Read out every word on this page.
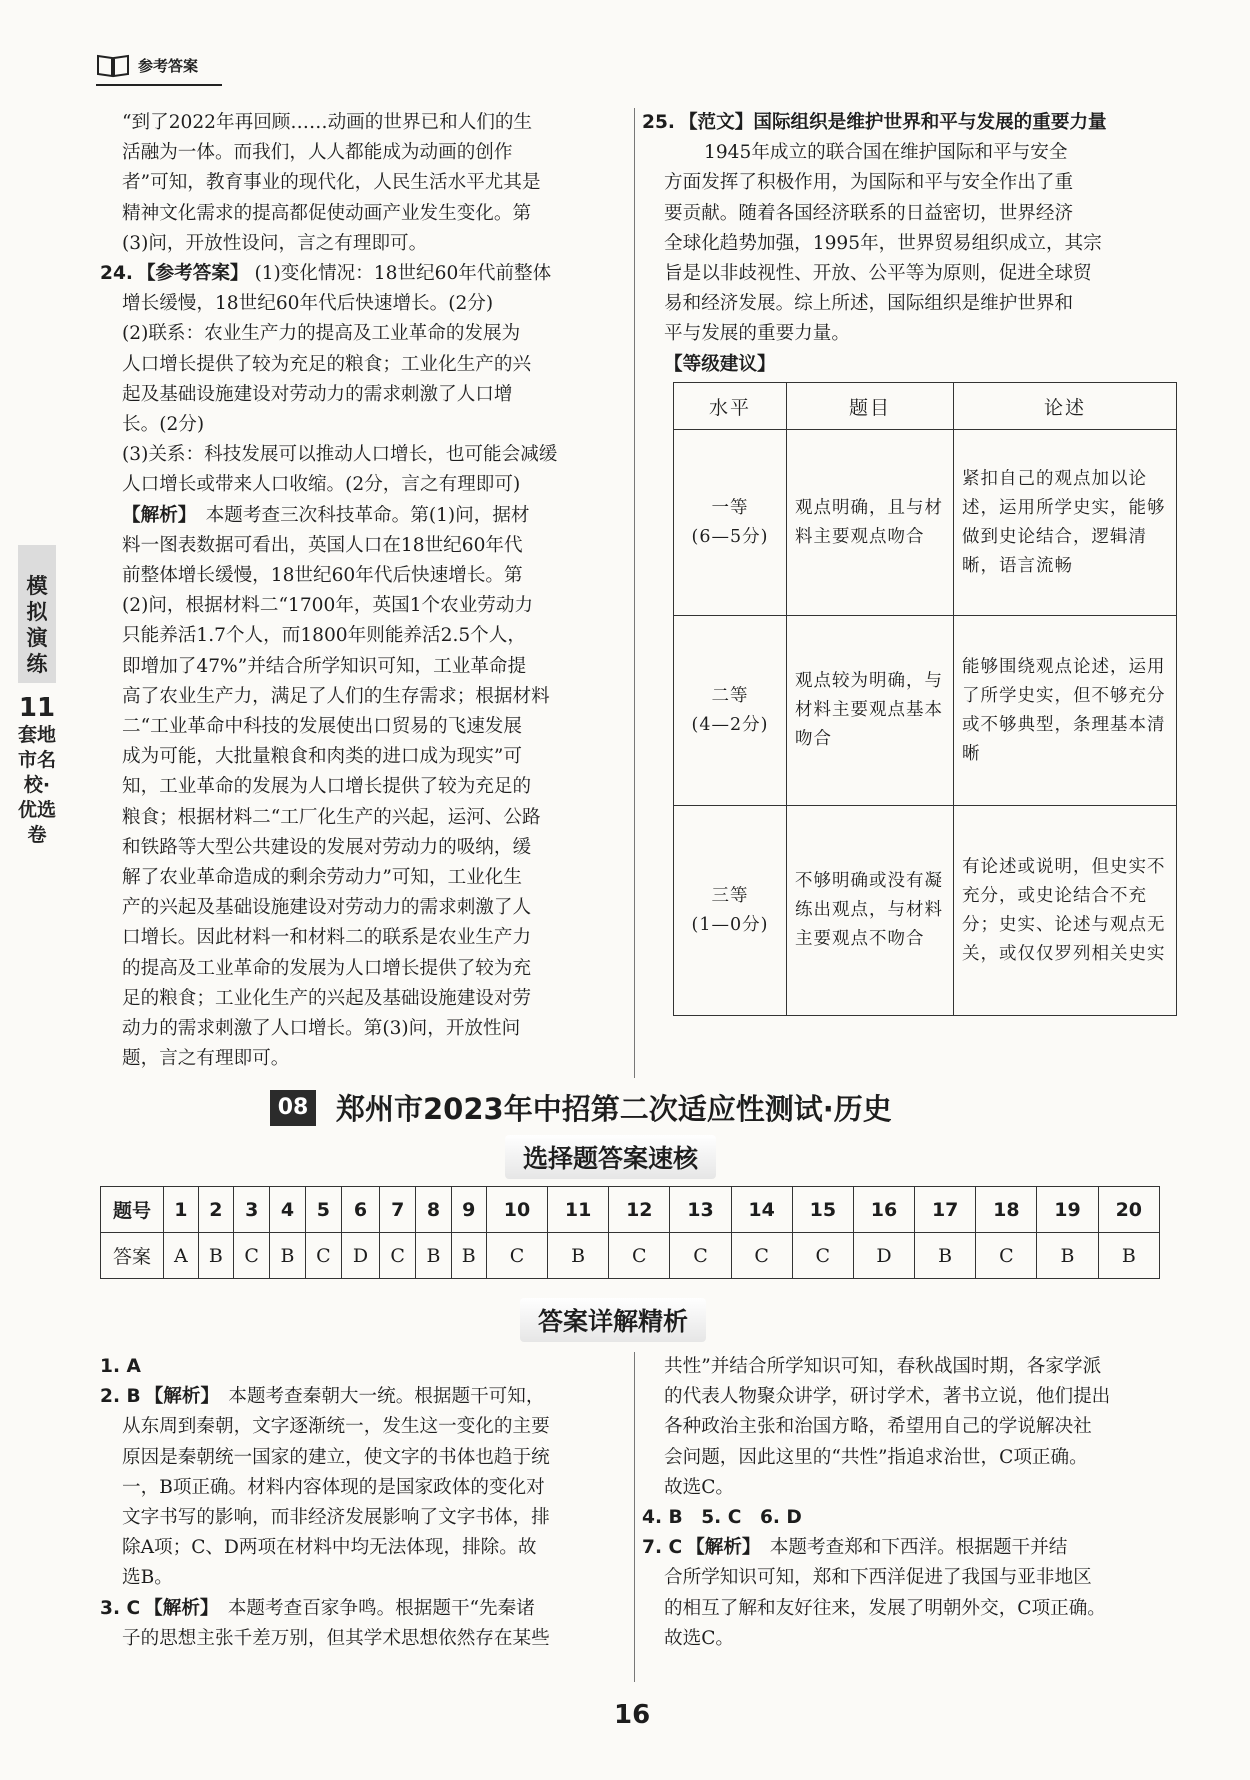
参考答案
模拟演练
11
套地市名校·优选卷

“到了2022年再回顾……动画的世界已和人们的生

活融为一体。而我们，人人都能成为动画的创作

者”可知，教育事业的现代化，人民生活水平尤其是

精神文化需求的提高都促使动画产业发生变化。第

(3)问，开放性设问，言之有理即可。

24. 【参考答案】 (1)变化情况：18世纪60年代前整体

增长缓慢，18世纪60年代后快速增长。(2分)

(2)联系：农业生产力的提高及工业革命的发展为

人口增长提供了较为充足的粮食；工业化生产的兴

起及基础设施建设对劳动力的需求刺激了人口增

长。(2分)

(3)关系：科技发展可以推动人口增长，也可能会减缓

人口增长或带来人口收缩。(2分，言之有理即可)

【解析】　 本题考查三次科技革命。第(1)问，据材

料一图表数据可看出，英国人口在18世纪60年代

前整体增长缓慢，18世纪60年代后快速增长。第

(2)问，根据材料二“1700年，英国1个农业劳动力

只能养活1.7个人，而1800年则能养活2.5个人，

即增加了47%”并结合所学知识可知，工业革命提

高了农业生产力，满足了人们的生存需求；根据材料

二“工业革命中科技的发展使出口贸易的飞速发展

成为可能，大批量粮食和肉类的进口成为现实”可

知，工业革命的发展为人口增长提供了较为充足的

粮食；根据材料二“工厂化生产的兴起，运河、公路

和铁路等大型公共建设的发展对劳动力的吸纳，缓

解了农业革命造成的剩余劳动力”可知，工业化生

产的兴起及基础设施建设对劳动力的需求刺激了人

口增长。因此材料一和材料二的联系是农业生产力

的提高及工业革命的发展为人口增长提供了较为充

足的粮食；工业化生产的兴起及基础设施建设对劳

动力的需求刺激了人口增长。第(3)问，开放性问

题，言之有理即可。

25. 【范文】国际组织是维护世界和平与发展的重要力量

1945年成立的联合国在维护国际和平与安全

方面发挥了积极作用，为国际和平与安全作出了重

要贡献。随着各国经济联系的日益密切，世界经济

全球化趋势加强，1995年，世界贸易组织成立，其宗

旨是以非歧视性、开放、公平等为原则，促进全球贸

易和经济发展。综上所述，国际组织是维护世界和

平与发展的重要力量。

【等级建议】

水平	题目	论述

一等
(6—5分)	观点明确，且与材料主要观点吻合	紧扣自己的观点加以论述，运用所学史实，能够做到史论结合，逻辑清晰，语言流畅

二等
(4—2分)	观点较为明确，与材料主要观点基本吻合	能够围绕观点论述，运用了所学史实，但不够充分或不够典型，条理基本清晰

三等
(1—0分)	不够明确或没有凝练出观点，与材料主要观点不吻合	有论述或说明，但史实不充分，或史论结合不充分；史实、论述与观点无关，或仅仅罗列相关史实
08 郑州市2023年中招第二次适应性测试·历史
选择题答案速核
题号	1	2	3	4	5	6	7	8	9	10	11	12	13	14	15	16	17	18	19	20
答案	A	B	C	B	C	D	C	B	B	C	B	C	C	C	C	D	B	C	B	B
答案详解精析

1. A

2. B 【解析】　 本题考查秦朝大一统。根据题干可知，

从东周到秦朝，文字逐渐统一，发生这一变化的主要

原因是秦朝统一国家的建立，使文字的书体也趋于统

一，B项正确。材料内容体现的是国家政体的变化对

文字书写的影响，而非经济发展影响了文字书体，排

除A项；C、D两项在材料中均无法体现，排除。故

选B。

3. C 【解析】　 本题考查百家争鸣。根据题干“先秦诸

子的思想主张千差万别，但其学术思想依然存在某些

共性”并结合所学知识可知，春秋战国时期，各家学派

的代表人物聚众讲学，研讨学术，著书立说，他们提出

各种政治主张和治国方略，希望用自己的学说解决社

会问题，因此这里的“共性”指追求治世，C项正确。

故选C。

4. B　5. C　6. D

7. C 【解析】　 本题考查郑和下西洋。根据题干并结

合所学知识可知，郑和下西洋促进了我国与亚非地区

的相互了解和友好往来，发展了明朝外交，C项正确。

故选C。

16
